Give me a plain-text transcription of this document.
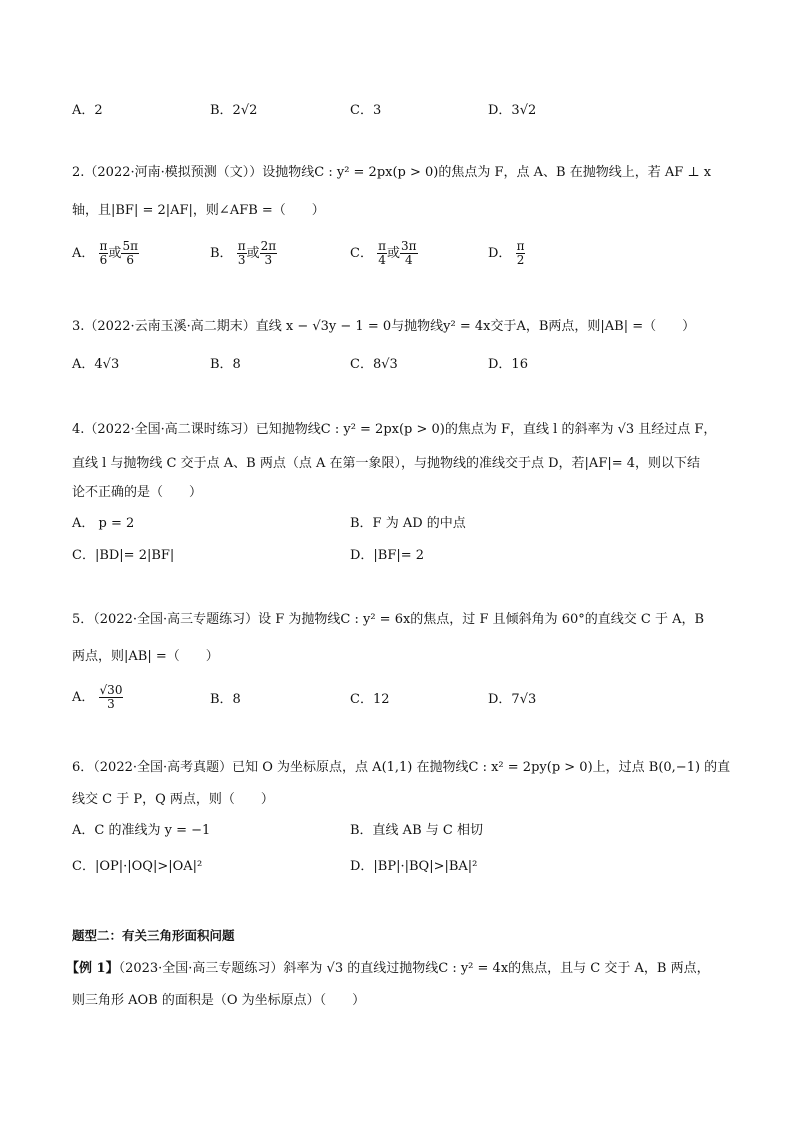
A．2	B．2√2	C．3	D．3√2
2.（2022·河南·模拟预测（文））设抛物线C : y² = 2px(p > 0)的焦点为 F，点 A、B 在抛物线上，若 AF ⊥ x
轴，且|BF| = 2|AF|，则∠AFB =（　　）
A． $\frac{\pi}{6}$ 或 $\frac{5\pi}{6}$	B． $\frac{\pi}{3}$ 或 $\frac{2\pi}{3}$	C． $\frac{\pi}{4}$ 或 $\frac{3\pi}{4}$	D． $\frac{\pi}{2}$
3.（2022·云南玉溪·高二期末）直线 x − √3y − 1 = 0与抛物线y² = 4x交于A，B两点，则|AB| =（　　）
A．4√3	B．8	C．8√3	D．16
4.（2022·全国·高二课时练习）已知抛物线C : y² = 2px(p > 0)的焦点为 F，直线 l 的斜率为 √3 且经过点 F，
直线 l 与抛物线 C 交于点 A、B 两点（点 A 在第一象限），与抛物线的准线交于点 D，若|AF|= 4，则以下结
论不正确的是（　　）
A． p = 2	B．F 为 AD 的中点
C．|BD|= 2|BF|	D．|BF|= 2
5．（2022·全国·高三专题练习）设 F 为抛物线C : y² = 6x的焦点，过 F 且倾斜角为 60°的直线交 C 于 A，B
两点，则|AB| =（　　）
A． $\frac{√30}{3}$	B．8	C．12	D．7√3
6．（2022·全国·高考真题）已知 O 为坐标原点，点 A(1,1) 在抛物线C : x² = 2py(p > 0)上，过点 B(0,−1) 的直
线交 C 于 P，Q 两点，则（　　）
A．C 的准线为 y = −1	B．直线 AB 与 C 相切
C．|OP|·|OQ|>|OA|²	D．|BP|·|BQ|>|BA|²
题型二：有关三角形面积问题
【例 1】（2023·全国·高三专题练习）斜率为 √3 的直线过抛物线C : y² = 4x的焦点，且与 C 交于 A，B 两点，
则三角形 AOB 的面积是（O 为坐标原点）（　　）
